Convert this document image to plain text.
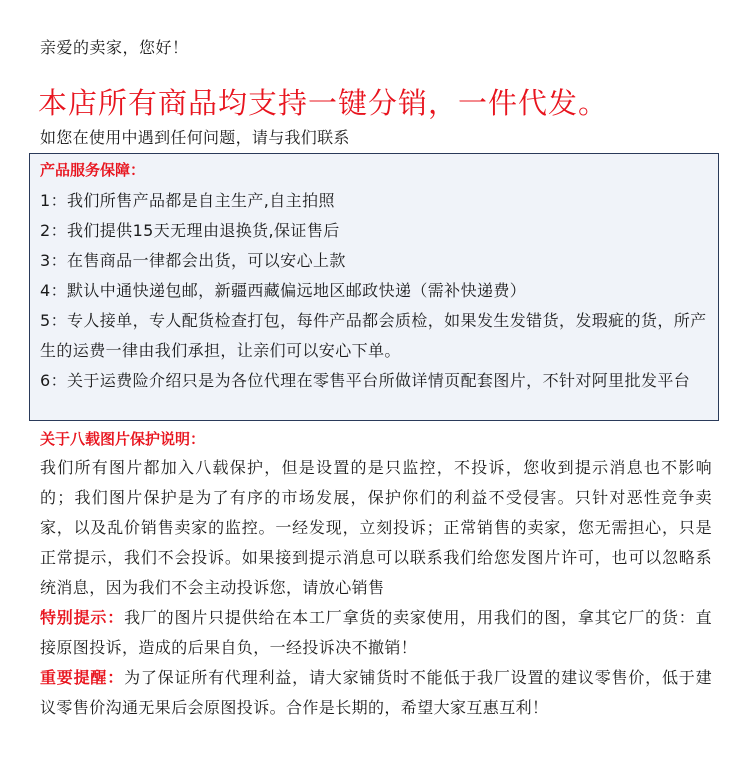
亲爱的卖家，您好！
本店所有商品均支持一键分销，一件代发。
如您在使用中遇到任何问题，请与我们联系
产品服务保障：
1：我们所售产品都是自主生产,自主拍照
2：我们提供15天无理由退换货,保证售后
3：在售商品一律都会出货，可以安心上款
4：默认中通快递包邮，新疆西藏偏远地区邮政快递（需补快递费）
5：专人接单，专人配货检查打包，每件产品都会质检，如果发生发错货，发瑕疵的货，所产生的运费一律由我们承担，让亲们可以安心下单。
6：关于运费险介绍只是为各位代理在零售平台所做详情页配套图片，不针对阿里批发平台
关于八载图片保护说明：
我们所有图片都加入八载保护，但是设置的是只监控，不投诉，您收到提示消息也不影响的；我们图片保护是为了有序的市场发展，保护你们的利益不受侵害。只针对恶性竞争卖家，以及乱价销售卖家的监控。一经发现，立刻投诉；正常销售的卖家，您无需担心，只是正常提示，我们不会投诉。如果接到提示消息可以联系我们给您发图片许可，也可以忽略系统消息，因为我们不会主动投诉您，请放心销售
特别提示：我厂的图片只提供给在本工厂拿货的卖家使用，用我们的图，拿其它厂的货：直接原图投诉，造成的后果自负，一经投诉决不撤销！
重要提醒：为了保证所有代理利益，请大家铺货时不能低于我厂设置的建议零售价，低于建议零售价沟通无果后会原图投诉。合作是长期的，希望大家互惠互利！
